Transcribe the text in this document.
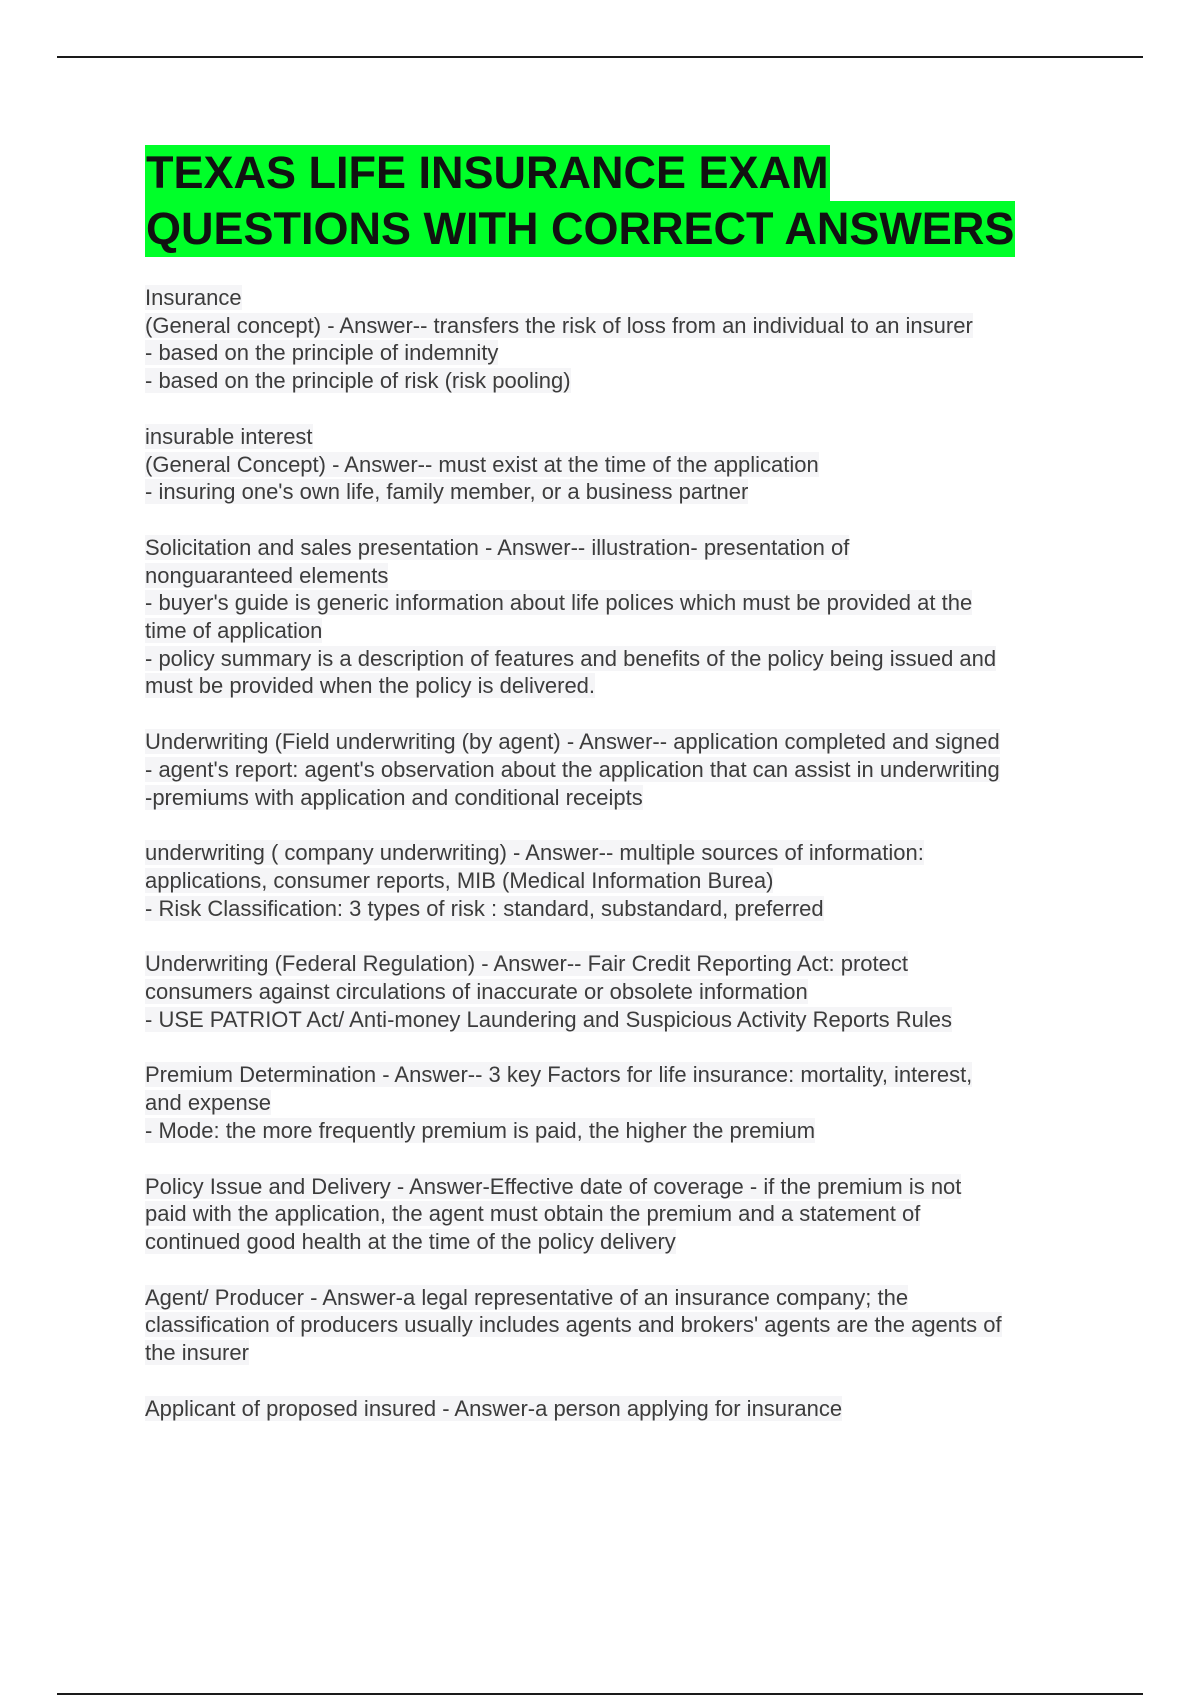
TEXAS LIFE INSURANCE EXAM
QUESTIONS WITH CORRECT ANSWERS
Insurance
(General concept) - Answer-- transfers the risk of loss from an individual to an insurer
- based on the principle of indemnity
- based on the principle of risk (risk pooling)
insurable interest
(General Concept) - Answer-- must exist at the time of the application
- insuring one's own life, family member, or a business partner
Solicitation and sales presentation - Answer-- illustration- presentation of
nonguaranteed elements
- buyer's guide is generic information about life polices which must be provided at the
time of application
- policy summary is a description of features and benefits of the policy being issued and
must be provided when the policy is delivered.
Underwriting (Field underwriting (by agent) - Answer-- application completed and signed
- agent's report: agent's observation about the application that can assist in underwriting
-premiums with application and conditional receipts
underwriting ( company underwriting) - Answer-- multiple sources of information:
applications, consumer reports, MIB (Medical Information Burea)
- Risk Classification: 3 types of risk : standard, substandard, preferred
Underwriting (Federal Regulation) - Answer-- Fair Credit Reporting Act: protect
consumers against circulations of inaccurate or obsolete information
- USE PATRIOT Act/ Anti-money Laundering and Suspicious Activity Reports Rules
Premium Determination - Answer-- 3 key Factors for life insurance: mortality, interest,
and expense
- Mode: the more frequently premium is paid, the higher the premium
Policy Issue and Delivery - Answer-Effective date of coverage - if the premium is not
paid with the application, the agent must obtain the premium and a statement of
continued good health at the time of the policy delivery
Agent/ Producer - Answer-a legal representative of an insurance company; the
classification of producers usually includes agents and brokers' agents are the agents of
the insurer
Applicant of proposed insured - Answer-a person applying for insurance
